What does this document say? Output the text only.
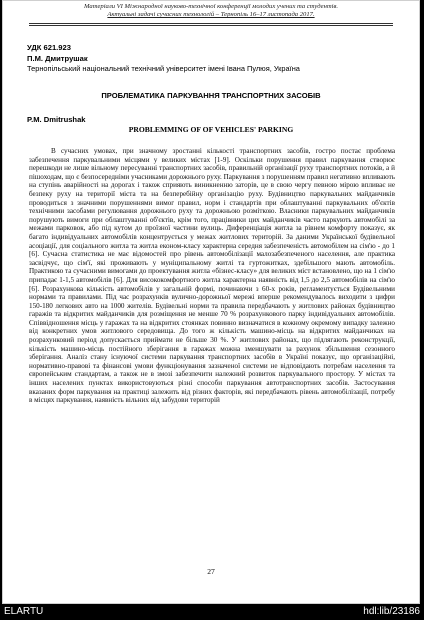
Матеріали VI Міжнародної науково-технічної конференції молодих учених та студентів.
Актуальні задачі сучасних технологій – Тернопіль 16–17 листопада 2017.
УДК 621.923
П.М. Дмитрушак
Тернопільський національний технічний університет імені Івана Пулюя, Україна
ПРОБЛЕМАТИКА ПАРКУВАННЯ ТРАНСПОРТНИХ ЗАСОБІВ
P.M. Dmitrushak
PROBLEMMING OF OF VEHICLES' PARKING

В сучасних умовах, при значному зростанні кількості транспортних засобів, гостро постає проблема забезпечення паркувальними місцями у великих містах [1-9]. Оскільки порушення правил паркування створює перешкоди не лише вільному пересуванні транспортних засобів, правильній організації руху транспортних потоків, а й пішоходам, що є безпосередніми учасниками дорожнього руху. Паркування з порушенням правил негативно впливають на ступінь аварійності на дорогах і також сприяють виникненню заторів, це в свою чергу певною мірою впливає не безпеку руху на території міста та на безперебійну організацію руху. Будівництво паркувальних майданчиків проводиться з значними порушеннями вимог правил, норм і стандартів при облаштуванні паркувальних об'єктів технічними засобами регулювання дорожнього руху та дорожньою розміткою. Власники паркувальних майданчиків порушують вимоги при облаштуванні об'єктів, крім того, працівники цих майданчиків часто паркують автомобілі за межами парковок, або під кутом до проїзної частини вулиць. Диференціація житла за рівнем комфорту показує, як багато індивідуальних автомобілів концентрується у межах житлових територій. За даними Української будівельної асоціації, для соціального житла та житла економ-класу характерна середня забезпеченість автомобілем на сім'ю - до 1 [6]. Сучасна статистика не має відомостей про рівень автомобілізації малозабезпеченого населення, але практика засвідчує, що сім'ї, які проживають у муніципальному житлі та гуртожитках, здебільшого мають автомобіль. Практикою та сучасними вимогами до проектування житла «бізнес-класу» для великих міст встановлено, що на 1 сім'ю припадає 1-1,5 автомобілів [6]. Для висококомфортного житла характерна наявність від 1,5 до 2,5 автомобілів на сім'ю [6]. Розрахункова кількість автомобілів у загальній формі, починаючи з 60-х років, регламентується Будівельними нормами та правилами. Під час розрахунків вулично-дорожньої мережі вперше рекомендувалось виходити з цифри 150-180 легкових авто на 1000 жителів. Будівельні норми та правила передбачають у житлових районах будівництво гаражів та відкритих майданчиків для розміщення не менше 70 % розрахункового парку індивідуальних автомобілів. Співвідношення місць у гаражах та на відкритих стоянках повинно визначатися в кожному окремому випадку залежно від конкретних умов житлового середовища. До того ж кількість машино-місць на відкритих майданчиках на розрахунковий період допускається приймати не більше 30 %. У житлових районах, що підлягають реконструкції, кількість машино-місць постійного зберігання в гаражах можна зменшувати за рахунок збільшення сезонного зберігання. Аналіз стану існуючої системи паркування транспортних засобів в Україні показує, що організаційні, нормативно-правові та фінансові умови функціонування зазначеної системи не відповідають потребам населення та європейським стандартам, а також не в змозі забезпечити належний розвиток паркувального простору. У містах та інших населених пунктах використовуються різні способи паркування автотранспортних засобів. Застосування вказаних форм паркування на практиці залежить від різних факторів, які передбачають рівень автомобілізації, потребу в місцях паркування, наявність вільних від забудови територій

27
ELARTU	hdl:lib/23186
